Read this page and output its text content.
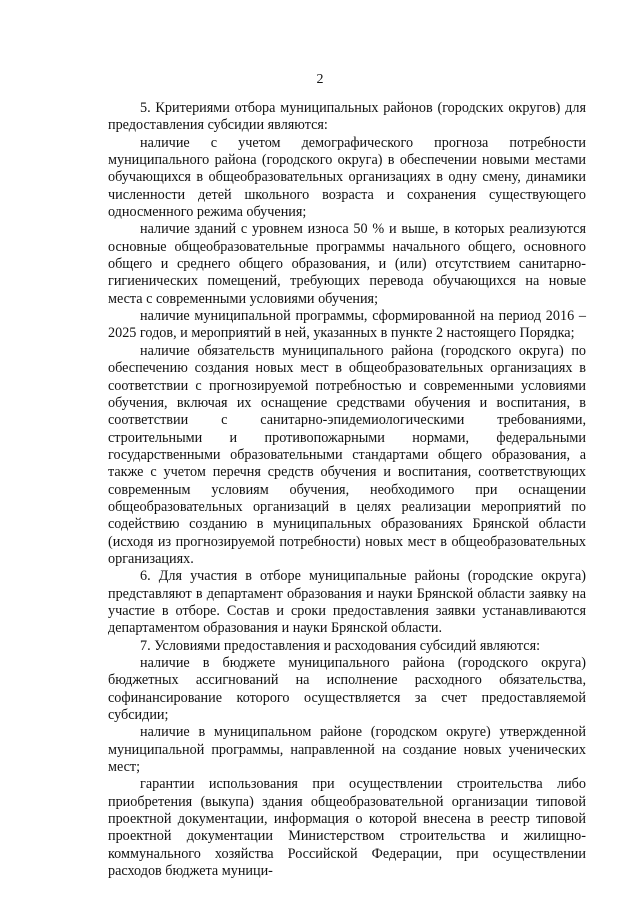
2

5. Критериями отбора муниципальных районов (городских округов) для предоставления субсидии являются:

наличие с учетом демографического прогноза потребности муниципального района (городского округа) в обеспечении новыми местами обучающихся в общеобразовательных организациях в одну смену, динамики численности детей школьного возраста и сохранения существующего односменного режима обучения;

наличие зданий с уровнем износа 50 % и выше, в которых реализуются основные общеобразовательные программы начального общего, основного общего и среднего общего образования, и (или) отсутствием санитарно-гигиенических помещений, требующих перевода обучающихся на новые места с современными условиями обучения;

наличие муниципальной программы, сформированной на период 2016 – 2025 годов, и мероприятий в ней, указанных в пункте 2 настоящего Порядка;

наличие обязательств муниципального района (городского округа) по обеспечению создания новых мест в общеобразовательных организациях в соответствии с прогнозируемой потребностью и современными условиями обучения, включая их оснащение средствами обучения и воспитания, в соответствии с санитарно-эпидемиологическими требованиями, строительными и противопожарными нормами, федеральными государственными образовательными стандартами общего образования, а также с учетом перечня средств обучения и воспитания, соответствующих современным условиям обучения, необходимого при оснащении общеобразовательных организаций в целях реализации мероприятий по содействию созданию в муниципальных образованиях Брянской области (исходя из прогнозируемой потребности) новых мест в общеобразовательных организациях.

6. Для участия в отборе муниципальные районы (городские округа) представляют в департамент образования и науки Брянской области заявку на участие в отборе. Состав и сроки предоставления заявки устанавливаются департаментом образования и науки Брянской области.

7. Условиями предоставления и расходования субсидий являются:

наличие в бюджете муниципального района (городского округа) бюджетных ассигнований на исполнение расходного обязательства, софинансирование которого осуществляется за счет предоставляемой субсидии;

наличие в муниципальном районе (городском округе) утвержденной муниципальной программы, направленной на создание новых ученических мест;

гарантии использования при осуществлении строительства либо приобретения (выкупа) здания общеобразовательной организации типовой проектной документации, информация о которой внесена в реестр типовой проектной документации Министерством строительства и жилищно-коммунального хозяйства Российской Федерации, при осуществлении расходов бюджета муници-
